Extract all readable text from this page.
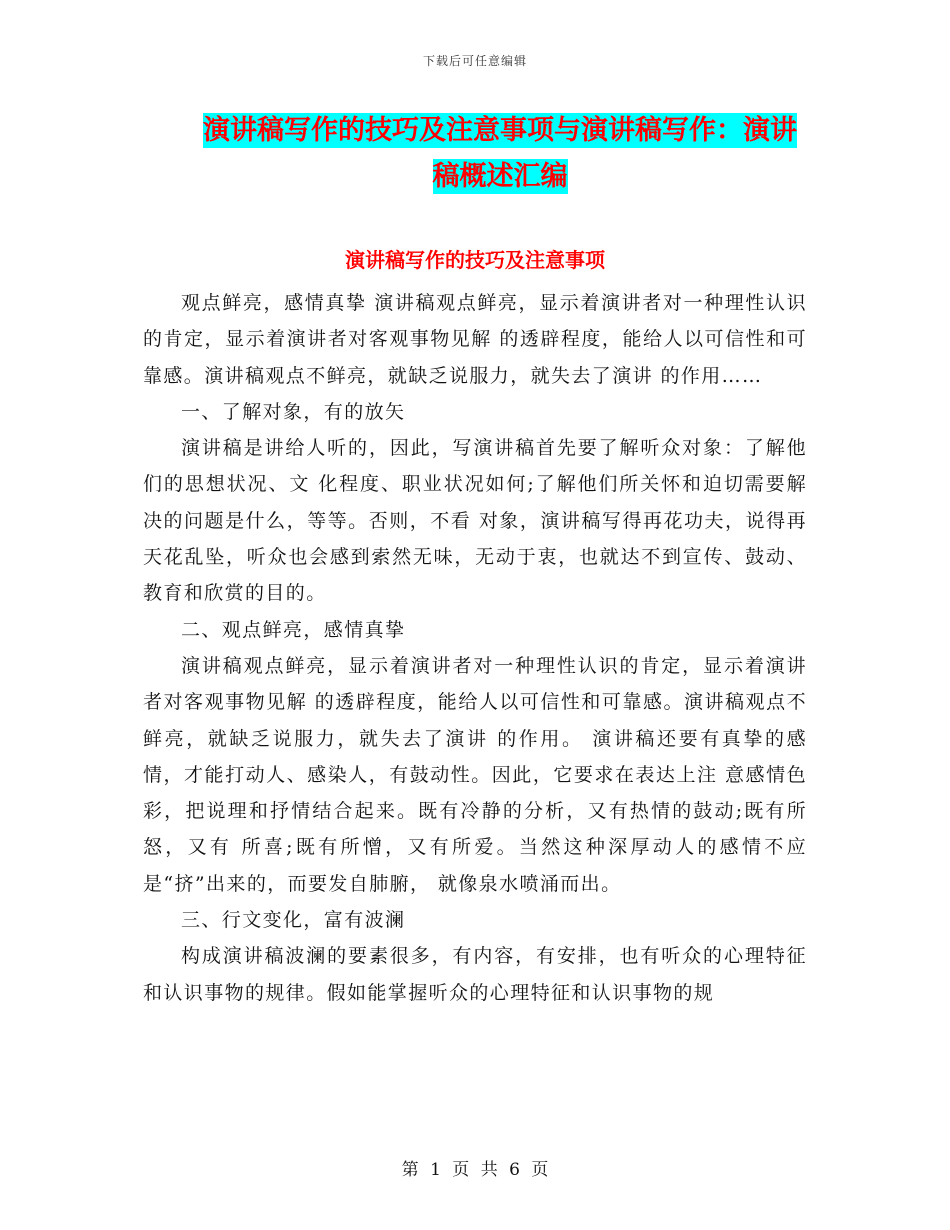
下载后可任意编辑
演讲稿写作的技巧及注意事项与演讲稿写作：演讲稿概述汇编
演讲稿写作的技巧及注意事项

观点鲜亮，感情真挚 演讲稿观点鲜亮，显示着演讲者对一种理性认识的肯定，显示着演讲者对客观事物见解 的透辟程度，能给人以可信性和可靠感。演讲稿观点不鲜亮，就缺乏说服力，就失去了演讲 的作用……

一、了解对象，有的放矢

演讲稿是讲给人听的，因此，写演讲稿首先要了解听众对象：了解他们的思想状况、文 化程度、职业状况如何;了解他们所关怀和迫切需要解决的问题是什么，等等。否则，不看 对象，演讲稿写得再花功夫，说得再天花乱坠，听众也会感到索然无味，无动于衷，也就达不到宣传、鼓动、教育和欣赏的目的。

二、观点鲜亮，感情真挚

演讲稿观点鲜亮，显示着演讲者对一种理性认识的肯定，显示着演讲者对客观事物见解 的透辟程度，能给人以可信性和可靠感。演讲稿观点不鲜亮，就缺乏说服力，就失去了演讲 的作用。 演讲稿还要有真挚的感情，才能打动人、感染人，有鼓动性。因此，它要求在表达上注 意感情色彩，把说理和抒情结合起来。既有冷静的分析，又有热情的鼓动;既有所怒，又有 所喜;既有所憎，又有所爱。当然这种深厚动人的感情不应是“挤”出来的，而要发自肺腑， 就像泉水喷涌而出。

三、行文变化，富有波澜

构成演讲稿波澜的要素很多，有内容，有安排，也有听众的心理特征和认识事物的规律。假如能掌握听众的心理特征和认识事物的规

第 1 页 共 6 页
